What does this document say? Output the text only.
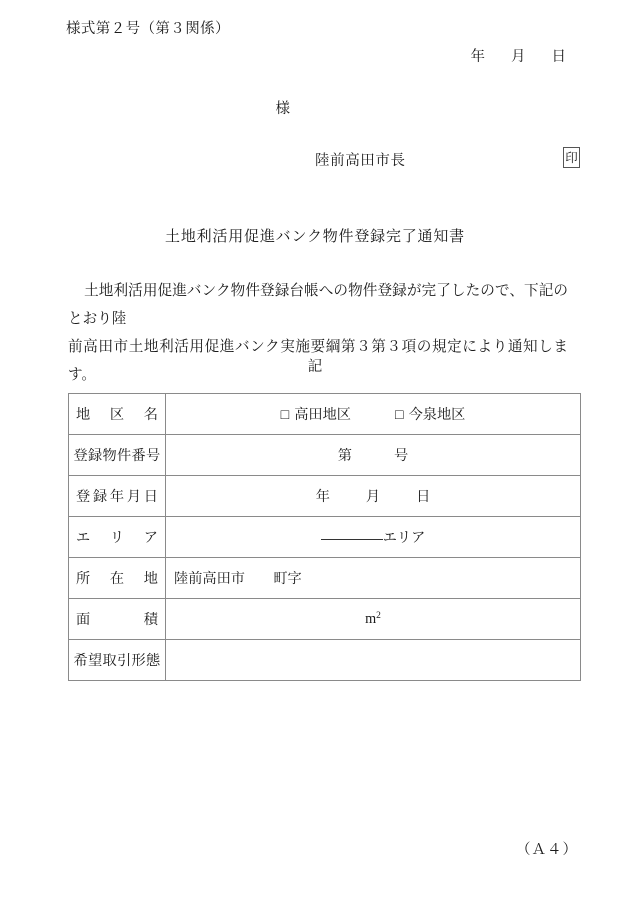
様式第２号（第３関係）
年 月 日
様
陸前高田市長	印
土地利活用促進バンク物件登録完了通知書

土地利活用促進バンク物件登録台帳への物件登録が完了したので、下記のとおり陸

前高田市土地利活用促進バンク実施要綱第３第３項の規定により通知します。	記
地 区 名	□ 高田地区 □ 今泉地区

登録物件番号	第 号

登 録 年 月 日	年 月 日

エ リ ア	エリア

所 在 地	陸前高田市　　町字

面 積	$m^2$

希望取引形態	

（Ａ４）
